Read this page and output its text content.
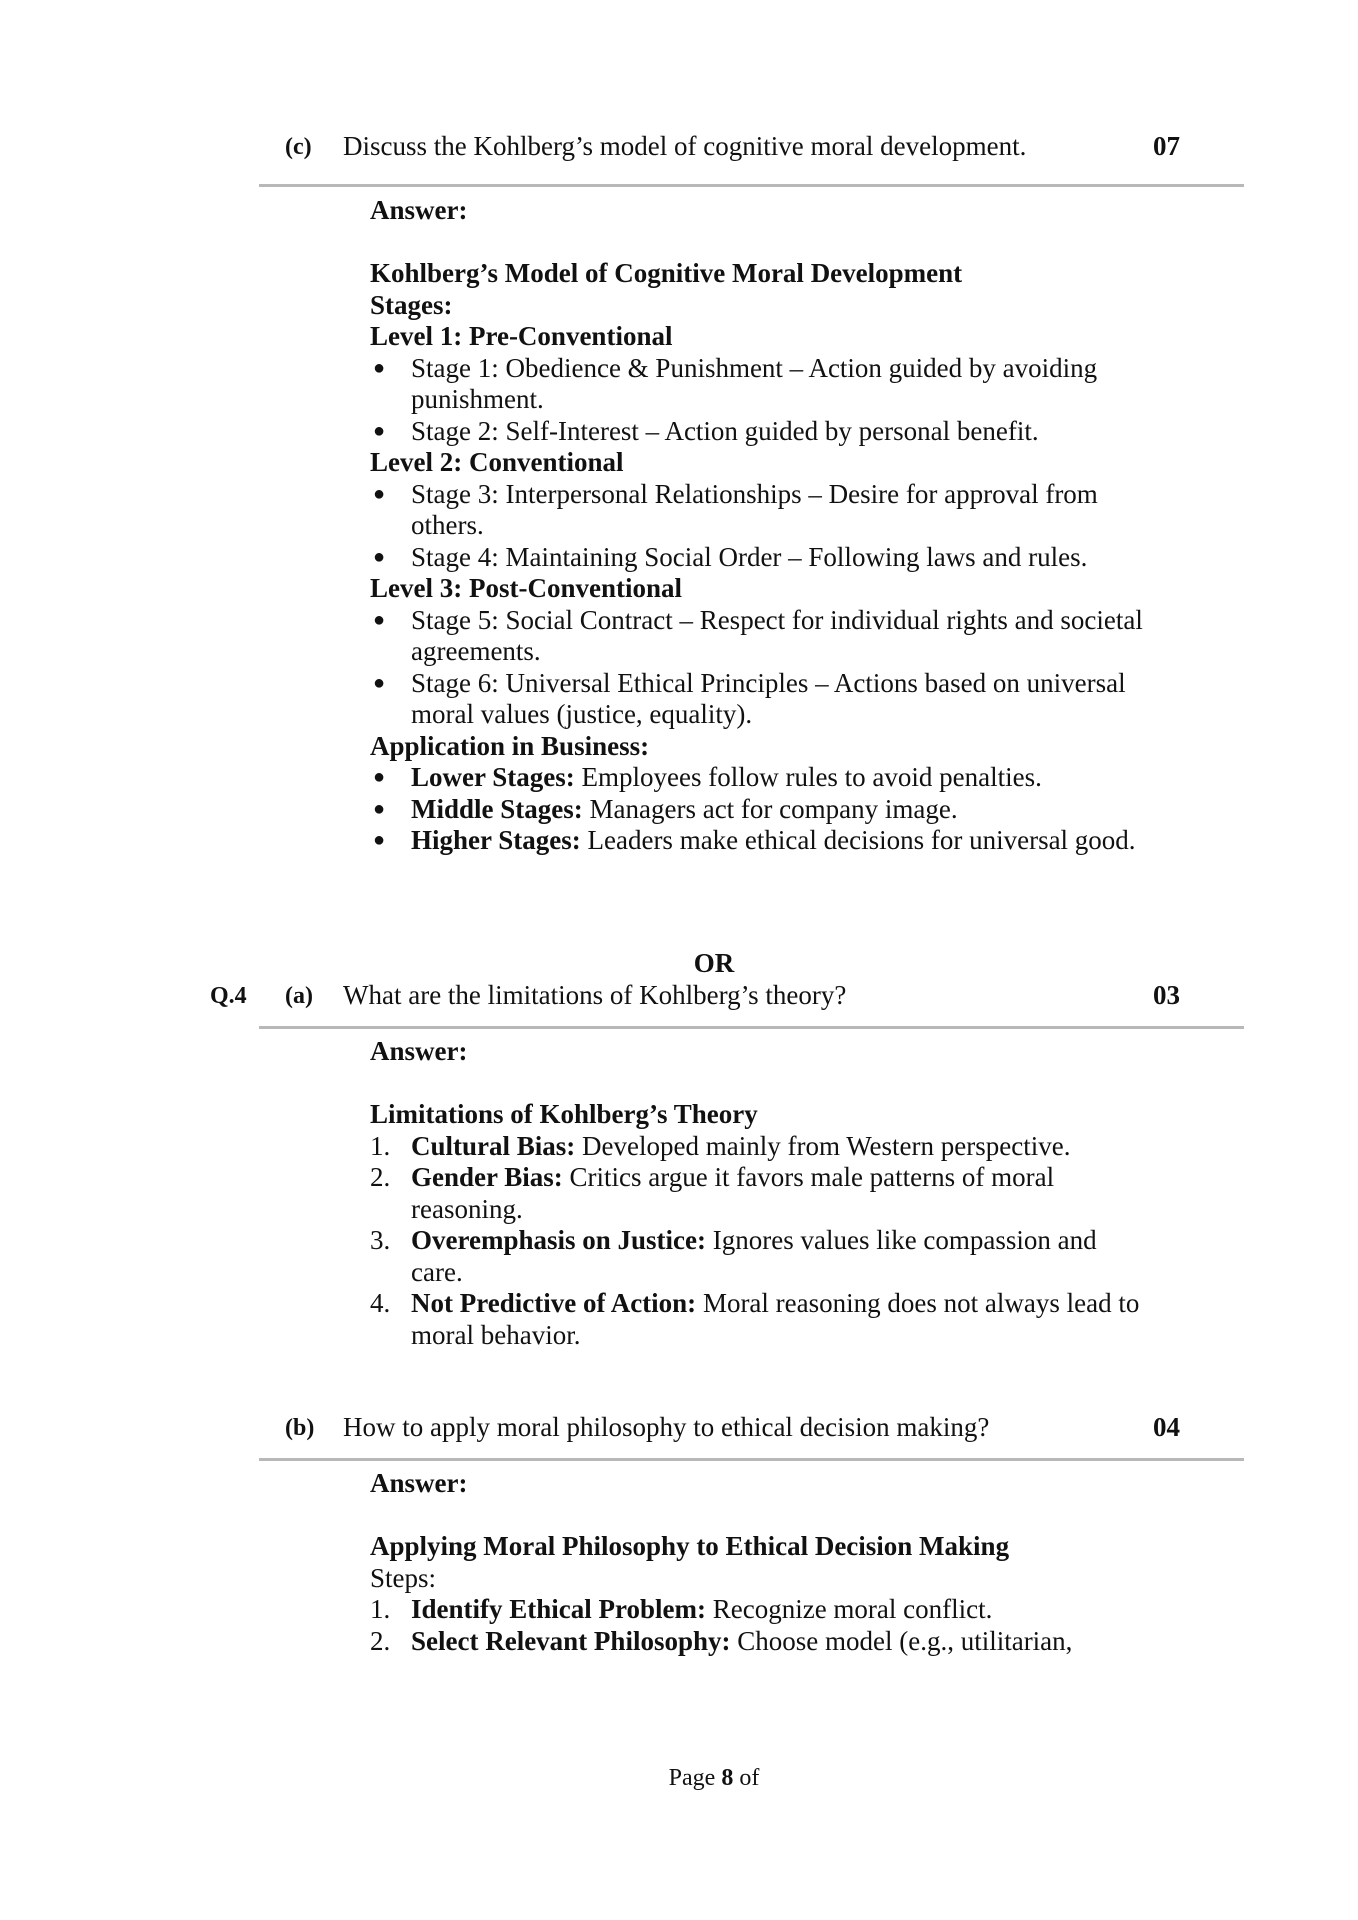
(c) Discuss the Kohlberg’s model of cognitive moral development.	07
Answer:
Kohlberg’s Model of Cognitive Moral Development
Stages:
Level 1: Pre-Conventional
● Stage 1: Obedience & Punishment – Action guided by avoiding punishment.
● Stage 2: Self-Interest – Action guided by personal benefit.
Level 2: Conventional
● Stage 3: Interpersonal Relationships – Desire for approval from others.
● Stage 4: Maintaining Social Order – Following laws and rules.
Level 3: Post-Conventional
● Stage 5: Social Contract – Respect for individual rights and societal agreements.
● Stage 6: Universal Ethical Principles – Actions based on universal moral values (justice, equality).
Application in Business:
● Lower Stages: Employees follow rules to avoid penalties.
● Middle Stages: Managers act for company image.
● Higher Stages: Leaders make ethical decisions for universal good.
OR
Q.4 (a) What are the limitations of Kohlberg’s theory?	03
Answer:
Limitations of Kohlberg’s Theory
1. Cultural Bias: Developed mainly from Western perspective.
2. Gender Bias: Critics argue it favors male patterns of moral reasoning.
3. Overemphasis on Justice: Ignores values like compassion and care.
4. Not Predictive of Action: Moral reasoning does not always lead to moral behavior.
(b) How to apply moral philosophy to ethical decision making?	04
Answer:
Applying Moral Philosophy to Ethical Decision Making
Steps:
1. Identify Ethical Problem: Recognize moral conflict.
2. Select Relevant Philosophy: Choose model (e.g., utilitarian,
Page 8 of
